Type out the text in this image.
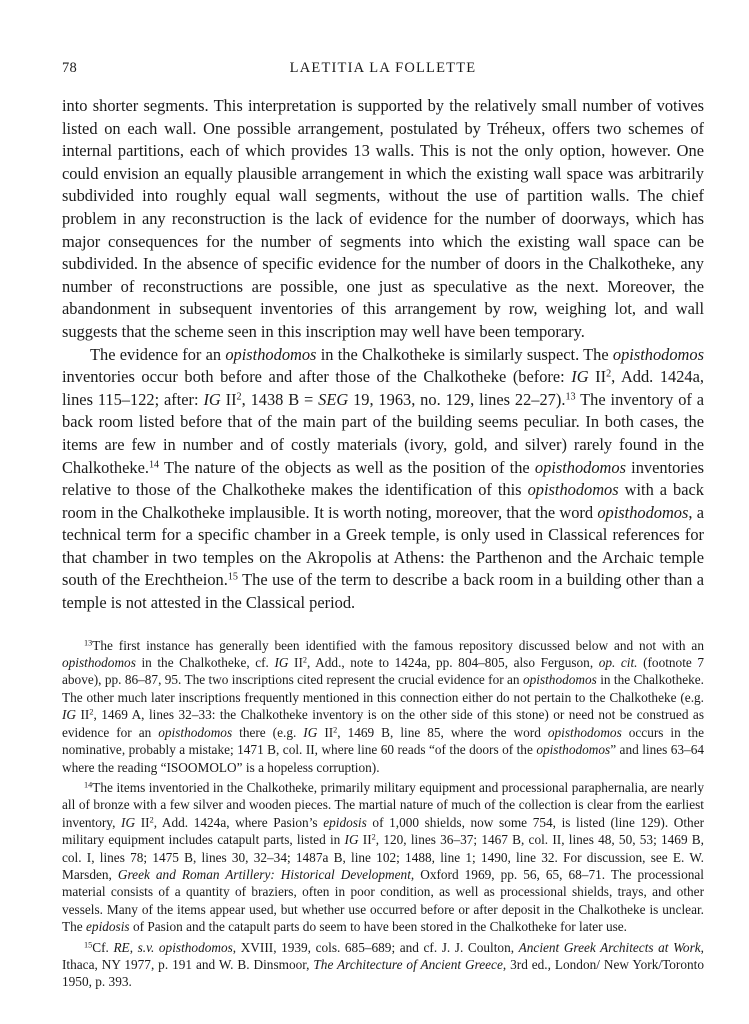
78	LAETITIA LA FOLLETTE

into shorter segments. This interpretation is supported by the relatively small number of votives listed on each wall. One possible arrangement, postulated by Tréheux, offers two schemes of internal partitions, each of which provides 13 walls. This is not the only option, however. One could envision an equally plausible arrangement in which the existing wall space was arbitrarily subdivided into roughly equal wall segments, without the use of partition walls. The chief problem in any reconstruction is the lack of evidence for the number of doorways, which has major consequences for the number of segments into which the existing wall space can be subdivided. In the absence of specific evidence for the number of doors in the Chalkotheke, any number of reconstructions are possible, one just as speculative as the next. Moreover, the abandonment in subsequent inventories of this arrangement by row, weighing lot, and wall suggests that the scheme seen in this inscription may well have been temporary.

The evidence for an opisthodomos in the Chalkotheke is similarly suspect. The opisthodomos inventories occur both before and after those of the Chalkotheke (before: IG $II^2$, Add. 1424a, lines 115–122; after: IG $II^2$, 1438 B = SEG 19, 1963, no. 129, lines 22–27).$^{13}$ The inventory of a back room listed before that of the main part of the building seems peculiar. In both cases, the items are few in number and of costly materials (ivory, gold, and silver) rarely found in the Chalkotheke.$^{14}$ The nature of the objects as well as the position of the opisthodomos inventories relative to those of the Chalkotheke makes the identification of this opisthodomos with a back room in the Chalkotheke implausible. It is worth noting, moreover, that the word opisthodomos, a technical term for a specific chamber in a Greek temple, is only used in Classical references for that chamber in two temples on the Akropolis at Athens: the Parthenon and the Archaic temple south of the Erechtheion.$^{15}$ The use of the term to describe a back room in a building other than a temple is not attested in the Classical period.

$^{13}$The first instance has generally been identified with the famous repository discussed below and not with an opisthodomos in the Chalkotheke, cf. IG $II^2$, Add., note to 1424a, pp. 804–805, also Ferguson, op. cit. (footnote 7 above), pp. 86–87, 95. The two inscriptions cited represent the crucial evidence for an opisthodomos in the Chalkotheke. The other much later inscriptions frequently mentioned in this connection either do not pertain to the Chalkotheke (e.g. IG $II^2$, 1469 A, lines 32–33: the Chalkotheke inventory is on the other side of this stone) or need not be construed as evidence for an opisthodomos there (e.g. IG $II^2$, 1469 B, line 85, where the word opisthodomos occurs in the nominative, probably a mistake; 1471 B, col. II, where line 60 reads “of the doors of the opisthodomos” and lines 63–64 where the reading “ISOOMOLO” is a hopeless corruption).

$^{14}$The items inventoried in the Chalkotheke, primarily military equipment and processional paraphernalia, are nearly all of bronze with a few silver and wooden pieces. The martial nature of much of the collection is clear from the earliest inventory, IG $II^2$, Add. 1424a, where Pasion’s epidosis of 1,000 shields, now some 754, is listed (line 129). Other military equipment includes catapult parts, listed in IG $II^2$, 120, lines 36–37; 1467 B, col. II, lines 48, 50, 53; 1469 B, col. I, lines 78; 1475 B, lines 30, 32–34; 1487a B, line 102; 1488, line 1; 1490, line 32. For discussion, see E. W. Marsden, Greek and Roman Artillery: Historical Development, Oxford 1969, pp. 56, 65, 68–71. The processional material consists of a quantity of braziers, often in poor condition, as well as processional shields, trays, and other vessels. Many of the items appear used, but whether use occurred before or after deposit in the Chalkotheke is unclear. The epidosis of Pasion and the catapult parts do seem to have been stored in the Chalkotheke for later use.

$^{15}$Cf. RE, s.v. opisthodomos, XVIII, 1939, cols. 685–689; and cf. J. J. Coulton, Ancient Greek Architects at Work, Ithaca, NY 1977, p. 191 and W. B. Dinsmoor, The Architecture of Ancient Greece, 3rd ed., London/ New York/Toronto 1950, p. 393.
